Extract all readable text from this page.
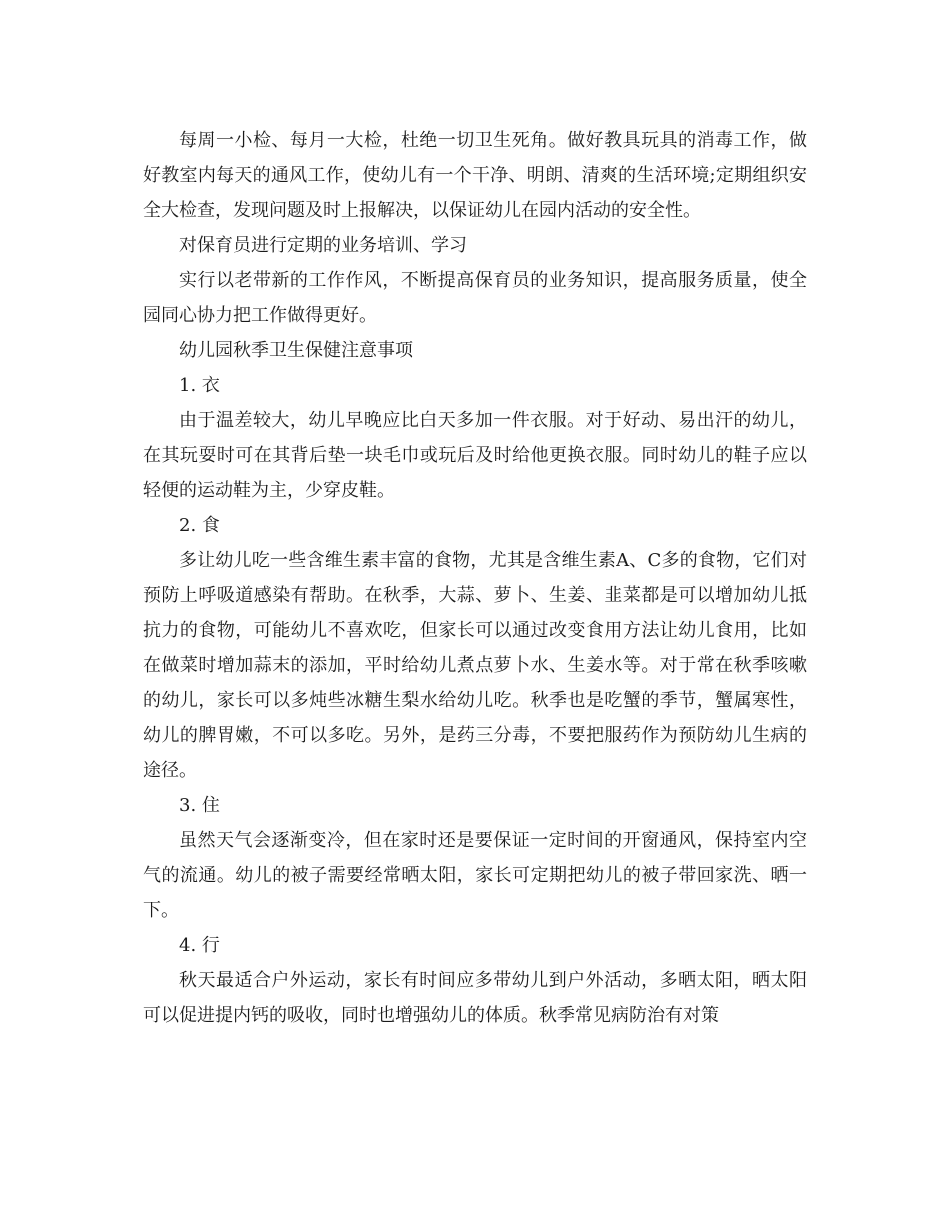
每周一小检、每月一大检，杜绝一切卫生死角。做好教具玩具的消毒工作，做好教室内每天的通风工作，使幼儿有一个干净、明朗、清爽的生活环境;定期组织安全大检查，发现问题及时上报解决，以保证幼儿在园内活动的安全性。

对保育员进行定期的业务培训、学习

实行以老带新的工作作风，不断提高保育员的业务知识，提高服务质量，使全园同心协力把工作做得更好。

幼儿园秋季卫生保健注意事项

1. 衣

由于温差较大，幼儿早晚应比白天多加一件衣服。对于好动、易出汗的幼儿，在其玩耍时可在其背后垫一块毛巾或玩后及时给他更换衣服。同时幼儿的鞋子应以轻便的运动鞋为主，少穿皮鞋。

2. 食

多让幼儿吃一些含维生素丰富的食物，尤其是含维生素A、C多的食物，它们对预防上呼吸道感染有帮助。在秋季，大蒜、萝卜、生姜、韭菜都是可以增加幼儿抵抗力的食物，可能幼儿不喜欢吃，但家长可以通过改变食用方法让幼儿食用，比如在做菜时增加蒜末的添加，平时给幼儿煮点萝卜水、生姜水等。对于常在秋季咳嗽的幼儿，家长可以多炖些冰糖生梨水给幼儿吃。秋季也是吃蟹的季节，蟹属寒性，幼儿的脾胃嫩，不可以多吃。另外，是药三分毒，不要把服药作为预防幼儿生病的途径。

3. 住

虽然天气会逐渐变冷，但在家时还是要保证一定时间的开窗通风，保持室内空气的流通。幼儿的被子需要经常晒太阳，家长可定期把幼儿的被子带回家洗、晒一下。

4. 行

秋天最适合户外运动，家长有时间应多带幼儿到户外活动，多晒太阳，晒太阳可以促进提内钙的吸收，同时也增强幼儿的体质。秋季常见病防治有对策
